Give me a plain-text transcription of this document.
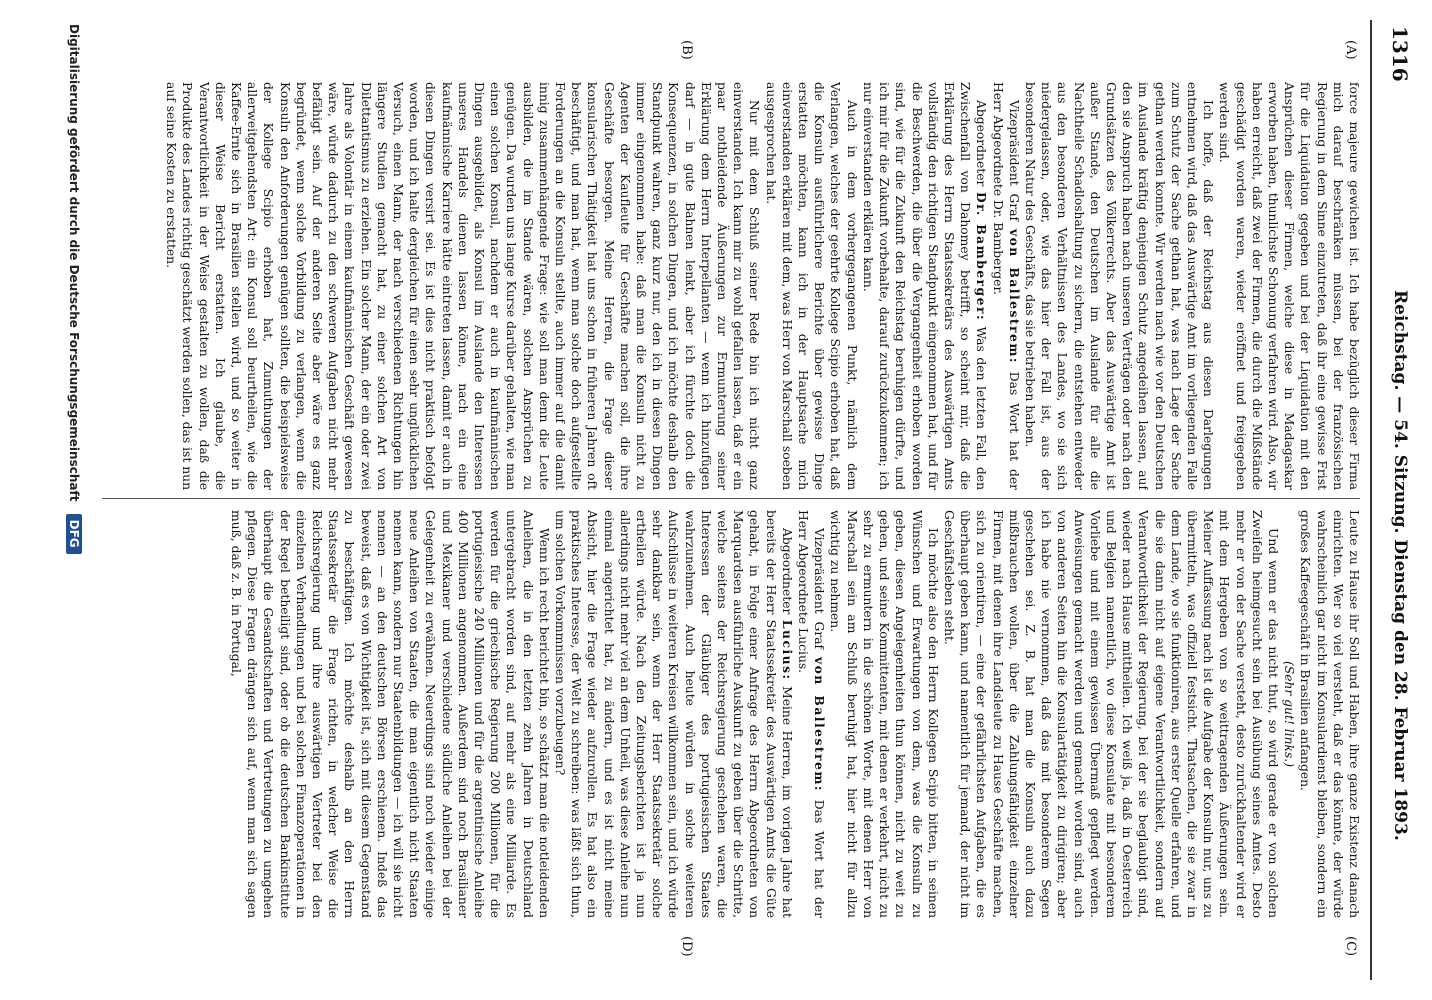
1316
Reichstag. — 54. Sitzung. Dienstag den 28. Februar 1893.
(A)
(B)
(C)
(D)

force majeure gewichen ist. Ich habe bezüglich dieser Firma mich darauf beschränken müssen, bei der französischen Regierung in dem Sinne einzutreten, daß ihr eine gewisse Frist für die Liquidation gegeben und bei der Liquidation mit den Ansprüchen dieser Firmen, welche diese in Madagaskar erworben haben, thunlichste Schonung verfahren wird. Also, wir haben erreicht, daß zwei der Firmen, die durch die Mißstände geschädigt worden waren, wieder eröffnet und freigegeben werden sind.

Ich hoffe, daß der Reichstag aus diesen Darlegungen entnehmen wird, daß das Auswärtige Amt im vorliegenden Falle zum Schutz der Sache gethan hat, was nach Lage der Sache gethan werden konnte. Wir werden nach wie vor den Deutschen im Auslande kräftig denjenigen Schutz angedeihen lassen, auf den sie Anspruch haben nach unseren Verträgen oder nach den Grundsätzen des Völkerrechts. Aber das Auswärtige Amt ist außer Stande, den Deutschen im Auslande für alle die Nachtheile Schadloshaltung zu sichern, die entstehen entweder aus den besonderen Verhältnissen des Landes, wo sie sich niedergelassen, oder, wie das hier der Fall ist, aus der besonderen Natur des Geschäfts, das sie betrieben haben.

Vizepräsident Graf von Ballestrem: Das Wort hat der Herr Abgeordnete Dr. Bamberger.

Abgeordneter Dr. Bamberger: Was den letzten Fall, den Zwischenfall von Dahomey betrifft, so scheint mir, daß die Erklärung des Herrn Staatssekretärs des Auswärtigen Amts vollständig den richtigen Standpunkt eingenommen hat, und für die Beschwerden, die über die Vergangenheit erhoben worden sind, wie für die Zukunft den Reichstag beruhigen dürfte, und ich mir für die Zukunft vorbehalte, darauf zurückzukommen; ich nur einverstanden erklären kann.

Auch in dem vorhergegangenen Punkt, nämlich dem Verlangen, welches der geehrte Kollege Scipio erhoben hat, daß die Konsuln ausführlichere Berichte über gewisse Dinge erstatten möchten, kann ich in der Hauptsache mich einverstanden erklären mit dem, was Herr von Marschall soeben ausgesprochen hat.

Nur mit dem Schluß seiner Rede bin ich nicht ganz einverstanden. Ich kann mir zu wohl gefallen lassen, daß er ein paar nothleidende Äußerungen zur Ermunterung seiner Erklärung dem Herrn Interpellanten — wenn ich hinzufügen darf — in gute Bahnen lenkt, aber ich fürchte doch die Konsequenzen, in solchen Dingen, und ich möchte deshalb den Standpunkt wahren, ganz kurz nur, den ich in diesen Dingen immer eingenommen habe: daß man die Konsuln nicht zu Agenten der Kaufleute für Geschäfte machen soll, die ihre Geschäfte besorgen. Meine Herren, die Frage dieser konsularischen Thätigkeit hat uns schon in früheren Jahren oft beschäftigt, und man hat, wenn man solche doch aufgestellte Forderungen an die Konsuln stellte, auch immer auf die damit innig zusammenhängende Frage: wie soll man denn die Leute ausbilden, die im Stande wären, solchen Ansprüchen zu genügen. Da wurden uns lange Kurse darüber gehalten, wie man einen solchen Konsul, nachdem er auch in kaufmännischen Dingen ausgebildet, als Konsul im Auslande den Interessen unseres Handels dienen lassen könne, nach ein eine kaufmännische Karriere hätte eintreten lassen, damit er auch in diesen Dingen versirt sei. Es ist dies nicht praktisch befolgt worden, und ich halte dergleichen für einen sehr unglücklichen Versuch, einen Mann, der nach verschiedenen Richtungen hin längere Studien gemacht hat, zu einer solchen Art von Dilettantismus zu erziehen. Ein solcher Mann, der ein oder zwei Jahre als Volontär in einem kaufmännischen Geschäft gewesen wäre, würde dadurch zu den schweren Aufgaben nicht mehr befähigt sein. Auf der anderen Seite aber wäre es ganz begründet, wenn solche Vorbildung zu verlangen, wenn die Konsuln den Anforderungen genügen sollten, die beispielsweise der Kollege Scipio erhoben hat, Zumuthungen der allerweitgehendsten Art: ein Konsul soll beurtheilen, wie die Kaffee-Ernte sich in Brasilien stellen wird, und so weiter in dieser Weise Bericht erstatten. Ich glaube, die Verantwortlichkeit in der Weise gestalten zu wollen, daß die Produkte des Landes richtig geschätzt werden sollen, das ist nun auf seine Kosten zu erstatten.

Leute zu Hause ihr Soll und Haben, ihre ganze Existenz danach einrichten. Wer so viel versteht, daß er das könnte, der würde wahrscheinlich gar nicht im Konsulardienst bleiben, sondern ein großes Kaffeegeschäft in Brasilien anfangen.

(Sehr gut! links.)

Und wenn er das nicht thut, so wird gerade er von solchen Zweifeln heimgesucht sein bei Ausübung seines Amtes. Desto mehr er von der Sache versteht, desto zurückhaltender wird er mit dem Hergeben von so weittragenden Äußerungen sein. Meiner Auffassung nach ist die Aufgabe der Konsuln nur, uns zu übermitteln, was offiziell festsicht. Thatsachen, die sie zwar in dem Lande, wo sie funktioniren, aus erster Quelle erfahren, und die sie dann nicht auf eigene Verantwortlichkeit, sondern auf Verantwortlichkeit der Regierung, bei der sie beglaubigt sind, wieder nach Hause mittheilen. Ich weiß ja, daß in Oesterreich und Belgien namentlich, wo diese Konsulate mit besonderem Vorliebe und mit einem gewissen Übermaß gepflegt werden. Anweisungen gemacht werden und gemacht worden sind, auch von anderen Seiten hin die Konsulartätigkeit zu dirigiren; aber ich habe nie vernommen, daß das mit besonderem Segen geschehen sei. Z. B. hat man die Konsuln auch dazu mißbrauchen wollen, über die Zahlungsfähigkeit einzelner Firmen, mit denen ihre Landsleute zu Hause Geschäfte machen, sich zu orientiren, — eine der gefährlichsten Aufgaben, die es überhaupt geben kann, und namentlich für jemand, der nicht im Geschäftsleben steht.

Ich möchte also den Herrn Kollegen Scipio bitten, in seinen Wünschen und Erwartungen von dem, was die Konsuln zu geben, diesen Angelegenheiten thun können, nicht zu weit zu gehen, und seine Kommittenten, mit denen er verkehrt, nicht zu sehr zu ermuntern in die schönen Worte, mit denen Herr von Marschall sein am Schluß beruhigt hat, hier nicht für allzu wichtig zu nehmen.

Vizepräsident Graf von Ballestrem: Das Wort hat der Herr Abgeordnete Lucius.

Abgeordneter Lucius: Meine Herren, im vorigen Jahre hat bereits der Herr Staatssekretär des Auswärtigen Amts die Güte gehabt, in Folge einer Anfrage des Herrn Abgeordneten von Marquardsen ausführliche Auskunft zu geben über die Schritte, welche seitens der Reichsregierung geschehen waren, die Interessen der Gläubiger des portugiesischen Staates wahrzunehmen. Auch heute würden in solche weiteren Aufschlüsse in weiteren Kreisen willkommen sein, und ich würde sehr dankbar sein, wenn der Herr Staatssekretär solche ertheilen würde. Nach den Zeitungsberichten ist ja nun allerdings nicht mehr viel an dem Unheil, was diese Anleihe nun einmal angerichtet hat, zu ändern, und es ist nicht meine Absicht, hier die Frage wieder aufzurollen. Es hat also ein praktisches Interesse, der Welt zu schreiben: was läßt sich thun, um solchen Vorkommnissen vorzubeugen?

Wenn ich recht berichtet bin, so schätzt man die notleidenden Anleihen, die in den letzten zehn Jahren in Deutschland untergebracht worden sind, auf mehr als eine Milliarde. Es werden für die griechische Regierung 200 Millionen, für die portugiesische 240 Millionen und für die argentinische Anleihe 400 Millionen angenommen. Außerdem sind noch Brasilianer und Mexikaner und verschiedene südliche Anleihen bei der Gelegenheit zu erwähnen. Neuerdings sind noch wieder einige neue Anleihen von Staaten, die man eigentlich nicht Staaten nennen kann, sondern nur Staatenbildungen — ich will sie nicht nennen — an den deutschen Börsen erschienen. Indeß das beweist, daß es von Wichtigkeit ist, sich mit diesem Gegenstand zu beschäftigen. Ich möchte deshalb an den Herrn Staatssekretär die Frage richten, in welcher Weise die Reichsregierung und ihre auswärtigen Vertreter bei den einzelnen Verhandlungen und bei solchen Finanzoperationen in der Regel betheiligt sind, oder ob die deutschen Bankinstitute überhaupt die Gesandtschaften und Vertretungen zu umgehen pflegen. Diese Fragen drängen sich auf, wenn man sich sagen muß, daß z. B. in Portugal,

Digitalisierung gefördert durch die Deutsche Forschungsgemeinschaft DFG
